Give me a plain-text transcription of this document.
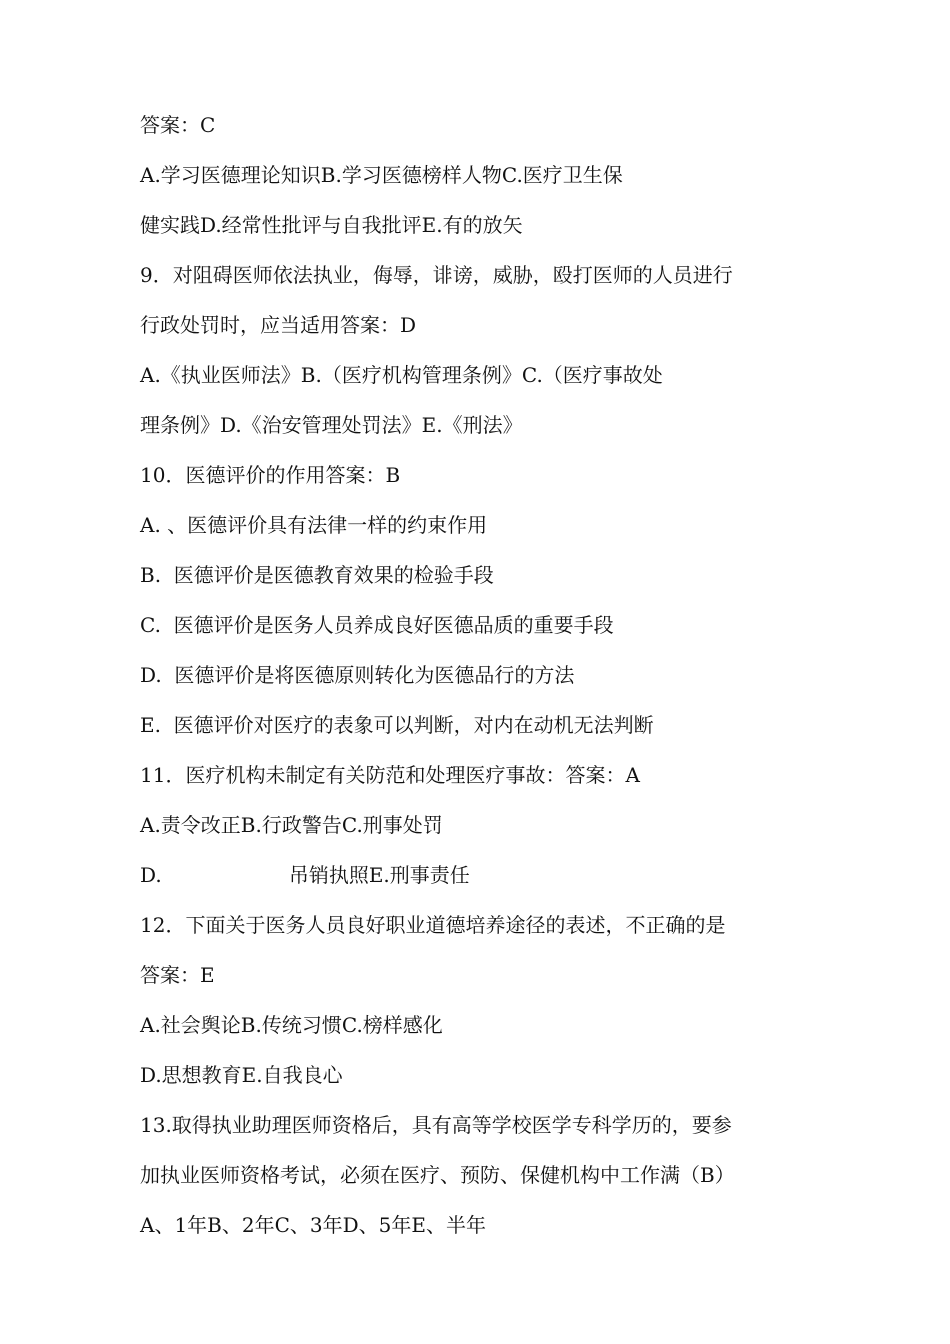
答案：C
A.学习医德理论知识B.学习医德榜样人物C.医疗卫生保
健实践D.经常性批评与自我批评E.有的放矢
9．对阻碍医师依法执业，侮辱，诽谤，威胁，殴打医师的人员进行
行政处罚时，应当适用答案：D
A.《执业医师法》B.（医疗机构管理条例》C.（医疗事故处
理条例》D.《治安管理处罚法》E.《刑法》
10．医德评价的作用答案：B
A. 、医德评价具有法律一样的约束作用
B.  医德评价是医德教育效果的检验手段
C.  医德评价是医务人员养成良好医德品质的重要手段
D.  医德评价是将医德原则转化为医德品行的方法
E.  医德评价对医疗的表象可以判断，对内在动机无法判断
11．医疗机构未制定有关防范和处理医疗事故：答案：A
A.责令改正B.行政警告C.刑事处罚
D.                    吊销执照E.刑事责任
12．下面关于医务人员良好职业道德培养途径的表述，不正确的是
答案：E
A.社会舆论B.传统习惯C.榜样感化
D.思想教育E.自我良心
13.取得执业助理医师资格后，具有高等学校医学专科学历的，要参
加执业医师资格考试，必须在医疗、预防、保健机构中工作满（B）
A、1年B、2年C、3年D、5年E、半年
